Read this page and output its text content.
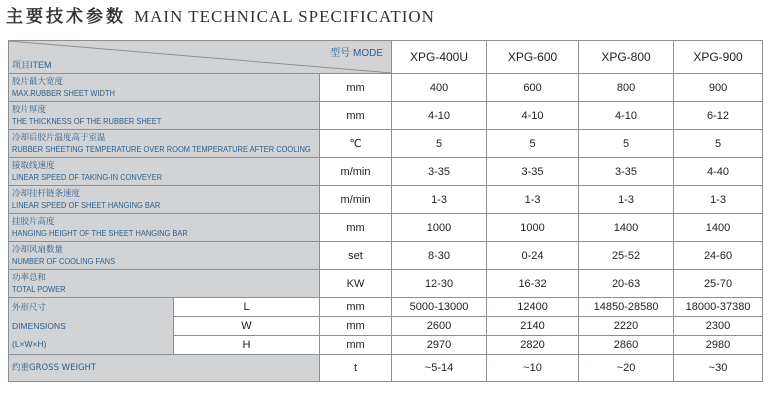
主要技术参数 MAIN TECHNICAL SPECIFICATION
型号 MODE
项目ITEM			XPG-400U	XPG-600	XPG-800	XPG-900

胶片最大宽度
MAX.RUBBER SHEET WIDTH		mm	400	600	800	900

胶片厚度
THE THICKNESS OF THE RUBBER SHEET		mm	4-10	4-10	4-10	6-12

冷却后胶片温度高于室温
RUBBER SHEETING TEMPERATURE OVER ROOM TEMPERATURE AFTER COOLING		℃	5	5	5	5

接取线速度
LINEAR SPEED OF TAKING-IN CONVEYER		m/min	3-35	3-35	3-35	4-40

冷却挂杆链条速度
LINEAR SPEED OF SHEET HANGING BAR		m/min	1-3	1-3	1-3	1-3

挂胶片高度
HANGING HEIGHT OF THE SHEET HANGING BAR		mm	1000	1000	1400	1400

冷却风扇数量
NUMBER OF COOLING FANS		set	8-30	0-24	25-52	24-60

功率总和
TOTAL POWER		KW	12-30	16-32	20-63	25-70

外形尺寸
DIMENSIONS
(L×W×H)	L	mm	5000-13000	12400	14850-28580	18000-37380
	W	mm	2600	2140	2220	2300
	H	mm	2970	2820	2860	2980

约重GROSS WEIGHT		t	~5-14	~10	~20	~30
